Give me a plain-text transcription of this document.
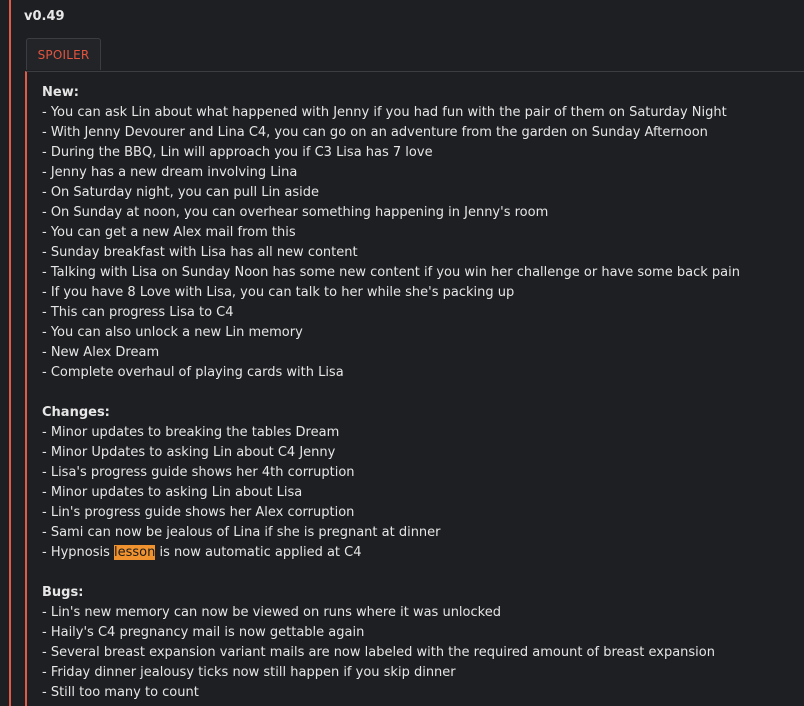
v0.49
SPOILER
New:
- You can ask Lin about what happened with Jenny if you had fun with the pair of them on Saturday Night
- With Jenny Devourer and Lina C4, you can go on an adventure from the garden on Sunday Afternoon
- During the BBQ, Lin will approach you if C3 Lisa has 7 love
- Jenny has a new dream involving Lina
- On Saturday night, you can pull Lin aside
- On Sunday at noon, you can overhear something happening in Jenny's room
- You can get a new Alex mail from this
- Sunday breakfast with Lisa has all new content
- Talking with Lisa on Sunday Noon has some new content if you win her challenge or have some back pain
- If you have 8 Love with Lisa, you can talk to her while she's packing up
- This can progress Lisa to C4
- You can also unlock a new Lin memory
- New Alex Dream
- Complete overhaul of playing cards with Lisa
Changes:
- Minor updates to breaking the tables Dream
- Minor Updates to asking Lin about C4 Jenny
- Lisa's progress guide shows her 4th corruption
- Minor updates to asking Lin about Lisa
- Lin's progress guide shows her Alex corruption
- Sami can now be jealous of Lina if she is pregnant at dinner
- Hypnosis lesson is now automatic applied at C4
Bugs:
- Lin's new memory can now be viewed on runs where it was unlocked
- Haily's C4 pregnancy mail is now gettable again
- Several breast expansion variant mails are now labeled with the required amount of breast expansion
- Friday dinner jealousy ticks now still happen if you skip dinner
- Still too many to count
